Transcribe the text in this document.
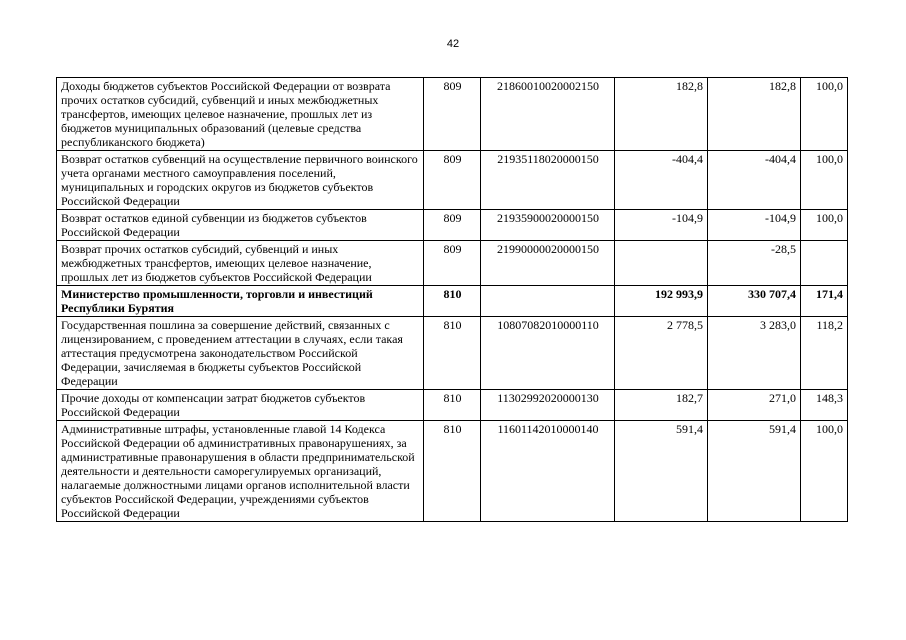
42
Доходы бюджетов субъектов Российской Федерации от возврата прочих остатков субсидий, субвенций и иных межбюджетных трансфертов, имеющих целевое назначение, прошлых лет из бюджетов муниципальных образований (целевые средства республиканского бюджета)	809	21860010020002150	182,8	182,8	100,0
Возврат остатков субвенций на осуществление первичного воинского учета органами местного самоуправления поселений, муниципальных и городских округов из бюджетов субъектов Российской Федерации	809	21935118020000150	-404,4	-404,4	100,0
Возврат остатков единой субвенции из бюджетов субъектов Российской Федерации	809	21935900020000150	-104,9	-104,9	100,0
Возврат прочих остатков субсидий, субвенций и иных межбюджетных трансфертов, имеющих целевое назначение, прошлых лет из бюджетов субъектов Российской Федерации	809	21990000020000150		-28,5	
Министерство промышленности, торговли и инвестиций Республики Бурятия	810		192 993,9	330 707,4	171,4
Государственная пошлина за совершение действий, связанных с лицензированием, с проведением аттестации в случаях, если такая аттестация предусмотрена законодательством Российской Федерации, зачисляемая в бюджеты субъектов Российской Федерации	810	10807082010000110	2 778,5	3 283,0	118,2
Прочие доходы от компенсации затрат бюджетов субъектов Российской Федерации	810	11302992020000130	182,7	271,0	148,3
Административные штрафы, установленные главой 14 Кодекса Российской Федерации об административных правонарушениях, за административные правонарушения в области предпринимательской деятельности и деятельности саморегулируемых организаций, налагаемые должностными лицами органов исполнительной власти субъектов Российской Федерации, учреждениями субъектов Российской Федерации	810	11601142010000140	591,4	591,4	100,0
